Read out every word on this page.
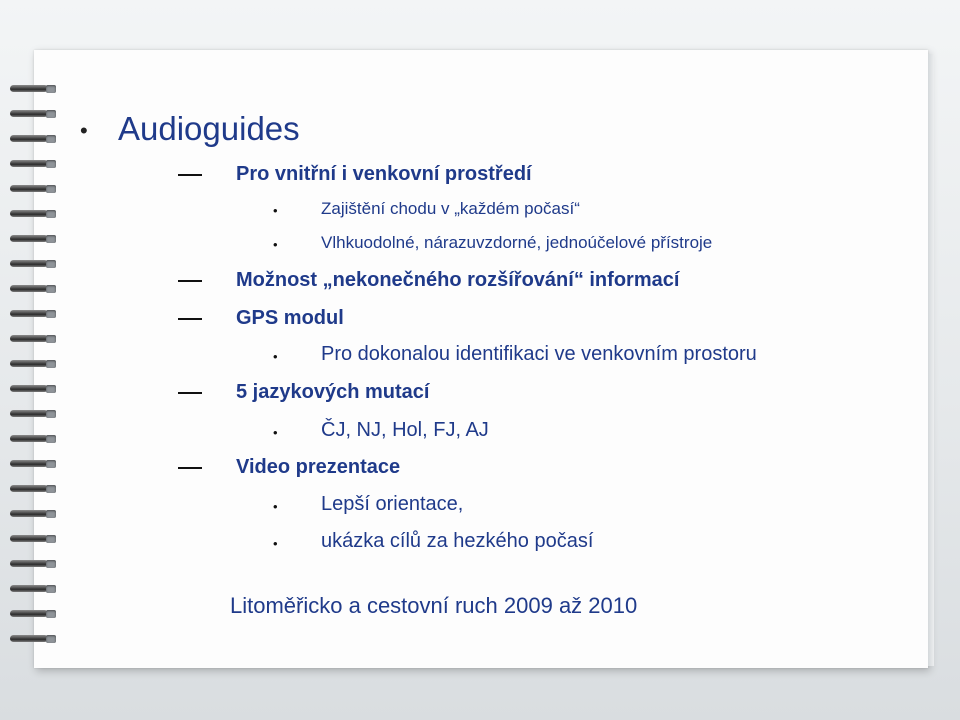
• Audioguides
Pro vnitřní i venkovní prostředí
•	Zajištění chodu v „každém počasí“
•	Vlhkuodolné, nárazuvzdorné, jednoúčelové přístroje
Možnost „nekonečného rozšířování“ informací
GPS modul
• Pro dokonalou identifikaci ve venkovním prostoru
5 jazykových mutací
• ČJ, NJ, Hol, FJ, AJ
Video prezentace
• Lepší orientace,
• ukázka cílů za hezkého počasí
Litoměřicko a cestovní ruch 2009 až 2010
